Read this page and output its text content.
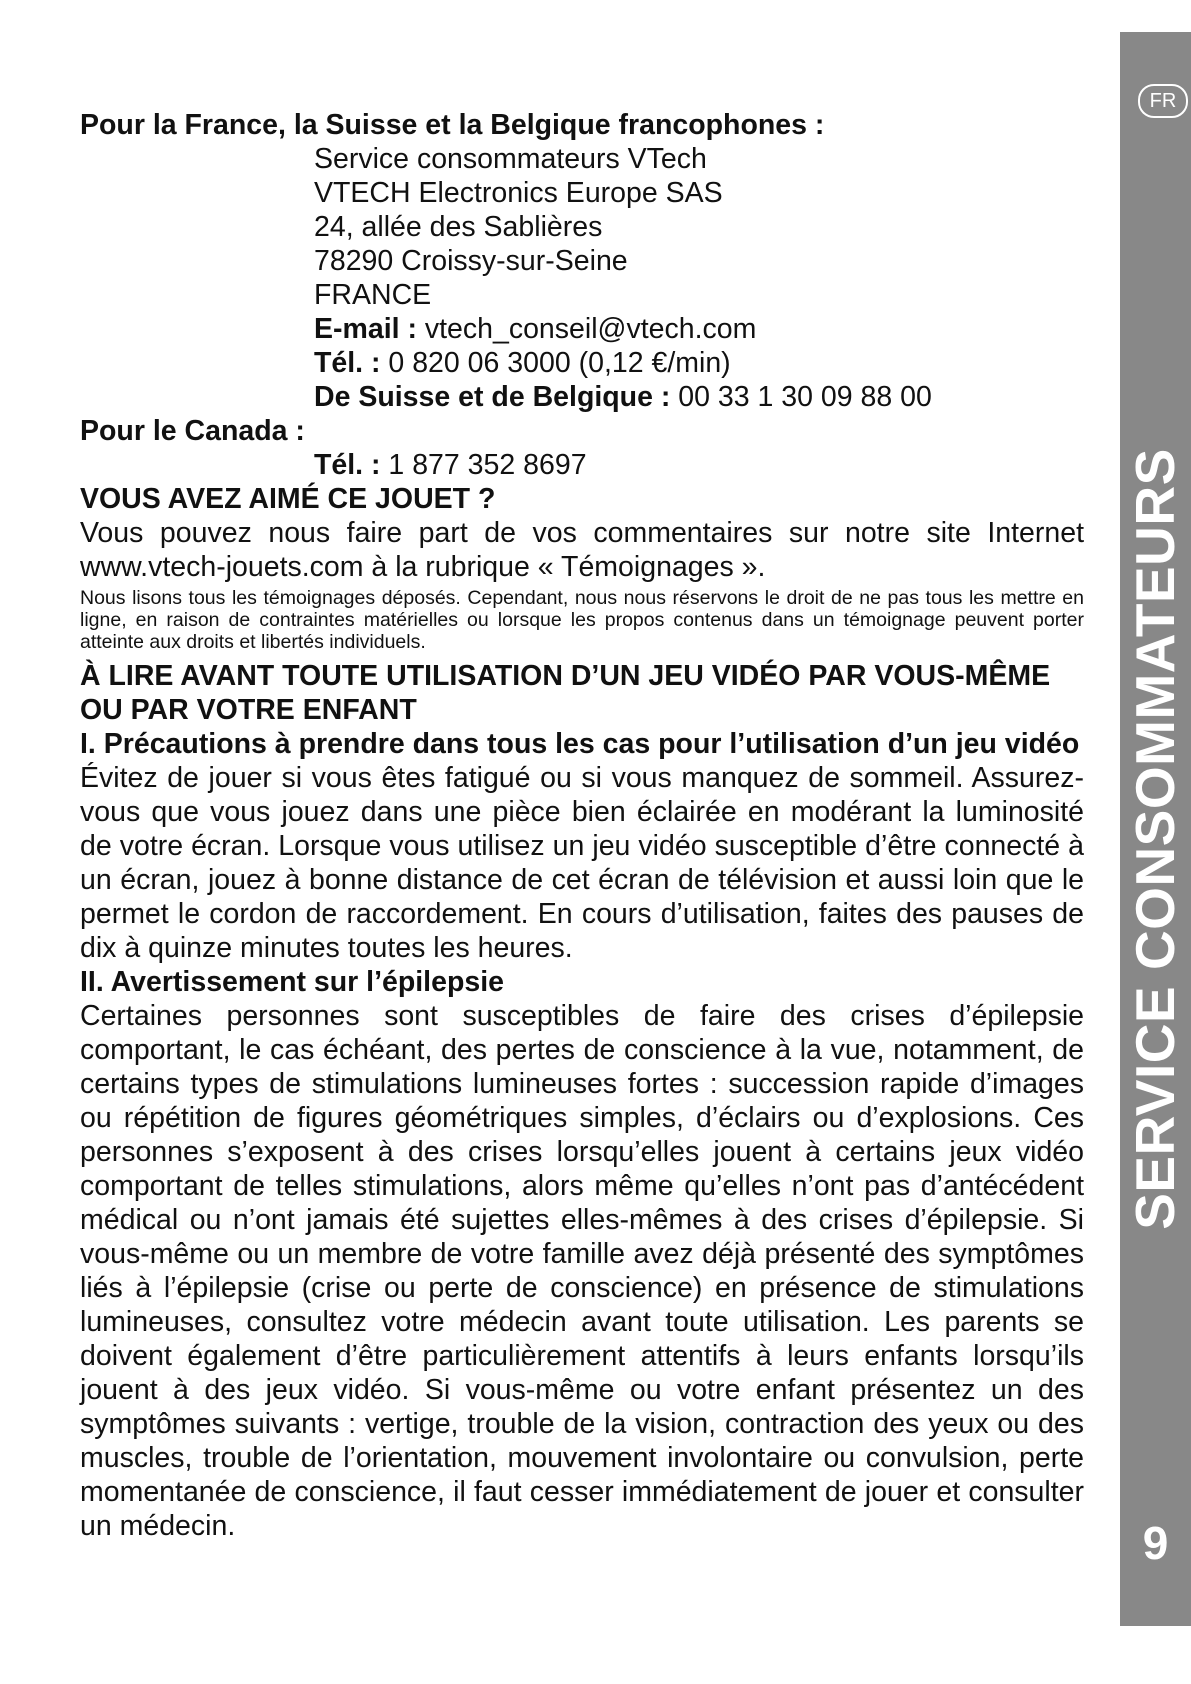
FR
SERVICE CONSOMMATEURS
9

Pour la France, la Suisse et la Belgique francophones :

Service consommateurs VTech

VTECH Electronics Europe SAS

24, allée des Sablières

78290 Croissy-sur-Seine

FRANCE

E-mail : vtech_conseil@vtech.com

Tél. : 0 820 06 3000 (0,12 €/min)

De Suisse et de Belgique : 00 33 1 30 09 88 00

Pour le Canada :

Tél. : 1 877 352 8697

VOUS AVEZ AIMÉ CE JOUET ?

Vous pouvez nous faire part de vos commentaires sur notre site Internet www.vtech-jouets.com à la rubrique « Témoignages ».

Nous lisons tous les témoignages déposés. Cependant, nous nous réservons le droit de ne pas tous les mettre en ligne, en raison de contraintes matérielles ou lorsque les propos contenus dans un témoignage peuvent porter atteinte aux droits et libertés individuels.

À LIRE AVANT TOUTE UTILISATION D’UN JEU VIDÉO PAR VOUS-MÊME OU PAR VOTRE ENFANT

I. Précautions à prendre dans tous les cas pour l’utilisation d’un jeu vidéo

Évitez de jouer si vous êtes fatigué ou si vous manquez de sommeil. Assurez-vous que vous jouez dans une pièce bien éclairée en modérant la luminosité de votre écran. Lorsque vous utilisez un jeu vidéo susceptible d’être connecté à un écran, jouez à bonne distance de cet écran de télévision et aussi loin que le permet le cordon de raccordement. En cours d’utilisation, faites des pauses de dix à quinze minutes toutes les heures.

II. Avertissement sur l’épilepsie

Certaines personnes sont susceptibles de faire des crises d’épilepsie comportant, le cas échéant, des pertes de conscience à la vue, notamment, de certains types de stimulations lumineuses fortes : succession rapide d’images ou répétition de figures géométriques simples, d’éclairs ou d’explosions. Ces personnes s’exposent à des crises lorsqu’elles jouent à certains jeux vidéo comportant de telles stimulations, alors même qu’elles n’ont pas d’antécédent médical ou n’ont jamais été sujettes elles-mêmes à des crises d’épilepsie. Si vous-même ou un membre de votre famille avez déjà présenté des symptômes liés à l’épilepsie (crise ou perte de conscience) en présence de stimulations lumineuses, consultez votre médecin avant toute utilisation. Les parents se doivent également d’être particulièrement attentifs à leurs enfants lorsqu’ils jouent à des jeux vidéo. Si vous-même ou votre enfant présentez un des symptômes suivants : vertige, trouble de la vision, contraction des yeux ou des muscles, trouble de l’orientation, mouvement involontaire ou convulsion, perte momentanée de conscience, il faut cesser immédiatement de jouer et consulter un médecin.
